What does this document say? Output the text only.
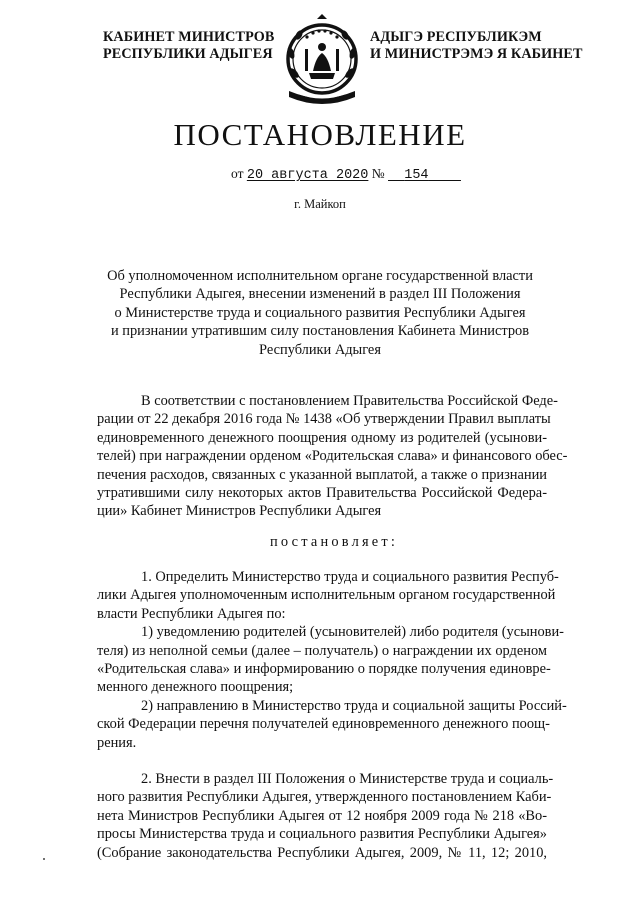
КАБИНЕТ МИНИСТРОВ
РЕСПУБЛИКИ АДЫГЕЯ
АДЫГЭ РЕСПУБЛИКЭМ
И МИНИСТРЭМЭ Я КАБИНЕТ
ПОСТАНОВЛЕНИЕ
от 20 августа 2020 № 154
г. Майкоп
Об уполномоченном исполнительном органе государственной власти
Республики Адыгея, внесении изменений в раздел III Положения
о Министерстве труда и социального развития Республики Адыгея
и признании утратившим силу постановления Кабинета Министров
Республики Адыгея
В соответствии с постановлением Правительства Российской Феде-
рации от 22 декабря 2016 года № 1438 «Об утверждении Правил выплаты
единовременного денежного поощрения одному из родителей (усынови-
телей) при награждении орденом «Родительская слава» и финансового обес-
печения расходов, связанных с указанной выплатой, а также о признании
утратившими силу некоторых актов Правительства Российской Федера-
ции» Кабинет Министров Республики Адыгея
постановляет:
1. Определить Министерство труда и социального развития Респуб-
лики Адыгея уполномоченным исполнительным органом государственной
власти Республики Адыгея по:
1) уведомлению родителей (усыновителей) либо родителя (усынови-
теля) из неполной семьи (далее – получатель) о награждении их орденом
«Родительская слава» и информированию о порядке получения единовре-
менного денежного поощрения;
2) направлению в Министерство труда и социальной защиты Россий-
ской Федерации перечня получателей единовременного денежного поощ-
рения.
2. Внести в раздел III Положения о Министерстве труда и социаль-
ного развития Республики Адыгея, утвержденного постановлением Каби-
нета Министров Республики Адыгея от 12 ноября 2009 года № 218 «Во-
просы Министерства труда и социального развития Республики Адыгея»
(Собрание законодательства Республики Адыгея, 2009, № 11, 12; 2010,
